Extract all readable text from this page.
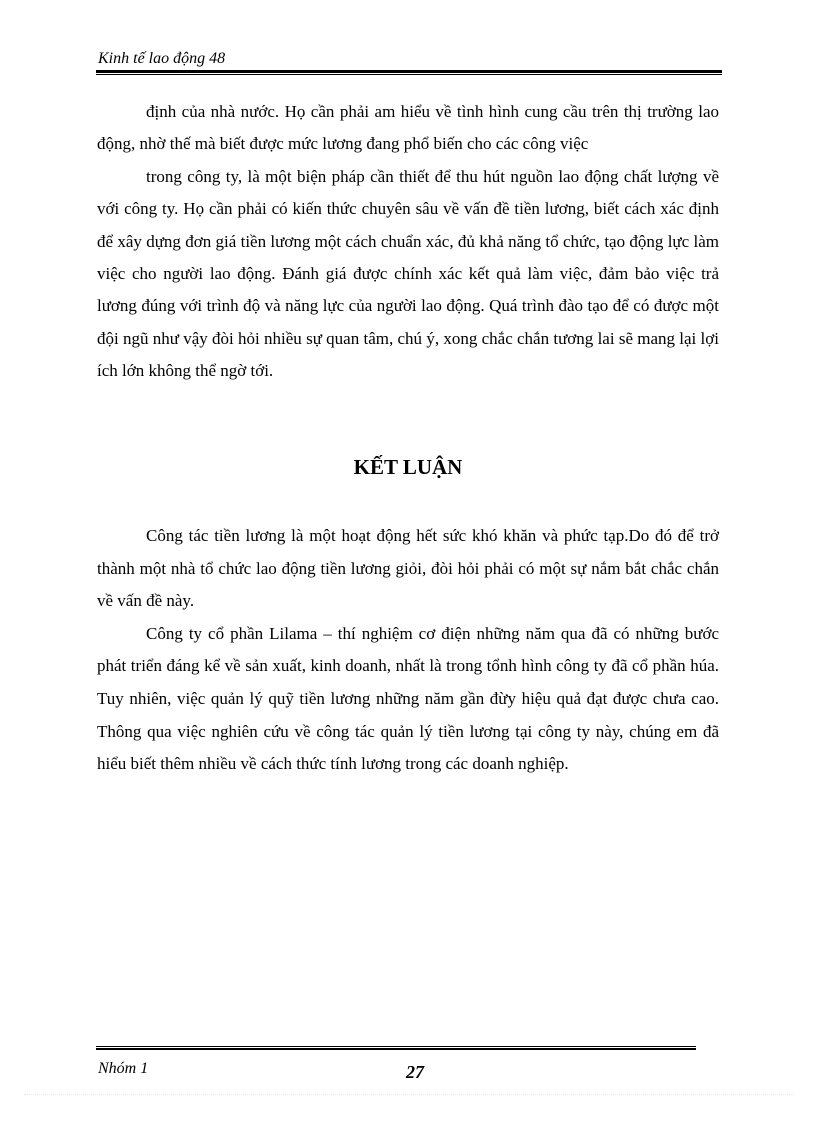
Kinh tế lao động 48

định của nhà nước. Họ cần phải am hiểu về tình hình cung cầu trên thị trường lao động, nhờ thế mà biết được mức lương đang phổ biến cho các công việc

trong công ty, là một biện pháp cần thiết để thu hút nguồn lao động chất lượng về với công ty. Họ cần phải có kiến thức chuyên sâu về vấn đề tiền lương, biết cách xác định để xây dựng đơn giá tiền lương một cách chuẩn xác, đủ khả năng tổ chức, tạo động lực làm việc cho người lao động. Đánh giá được chính xác kết quả làm việc, đảm bảo việc trả lương đúng với trình độ và năng lực của người lao động. Quá trình đào tạo để có được một đội ngũ như vậy đòi hỏi nhiều sự quan tâm, chú ý, xong chắc chắn tương lai sẽ mang lại lợi ích lớn không thể ngờ tới.

KẾT LUẬN

Công tác tiền lương là một hoạt động hết sức khó khăn và phức tạp.Do đó để trở thành một nhà tổ chức lao động tiền lương giỏi, đòi hỏi phải có một sự nắm bắt chắc chắn về vấn đề này.

Công ty cổ phần Lilama – thí nghiệm cơ điện những năm qua đã có những bước phát triển đáng kể về sản xuất, kinh doanh, nhất là trong tổnh hình công ty đã cổ phần húa. Tuy nhiên, việc quản lý quỹ tiền lương những năm gần đừy hiệu quả đạt được chưa cao. Thông qua việc nghiên cứu về công tác quản lý tiền lương tại công ty này, chúng em đã hiểu biết thêm nhiều về cách thức tính lương trong các doanh nghiệp.

Nhóm 1	27
